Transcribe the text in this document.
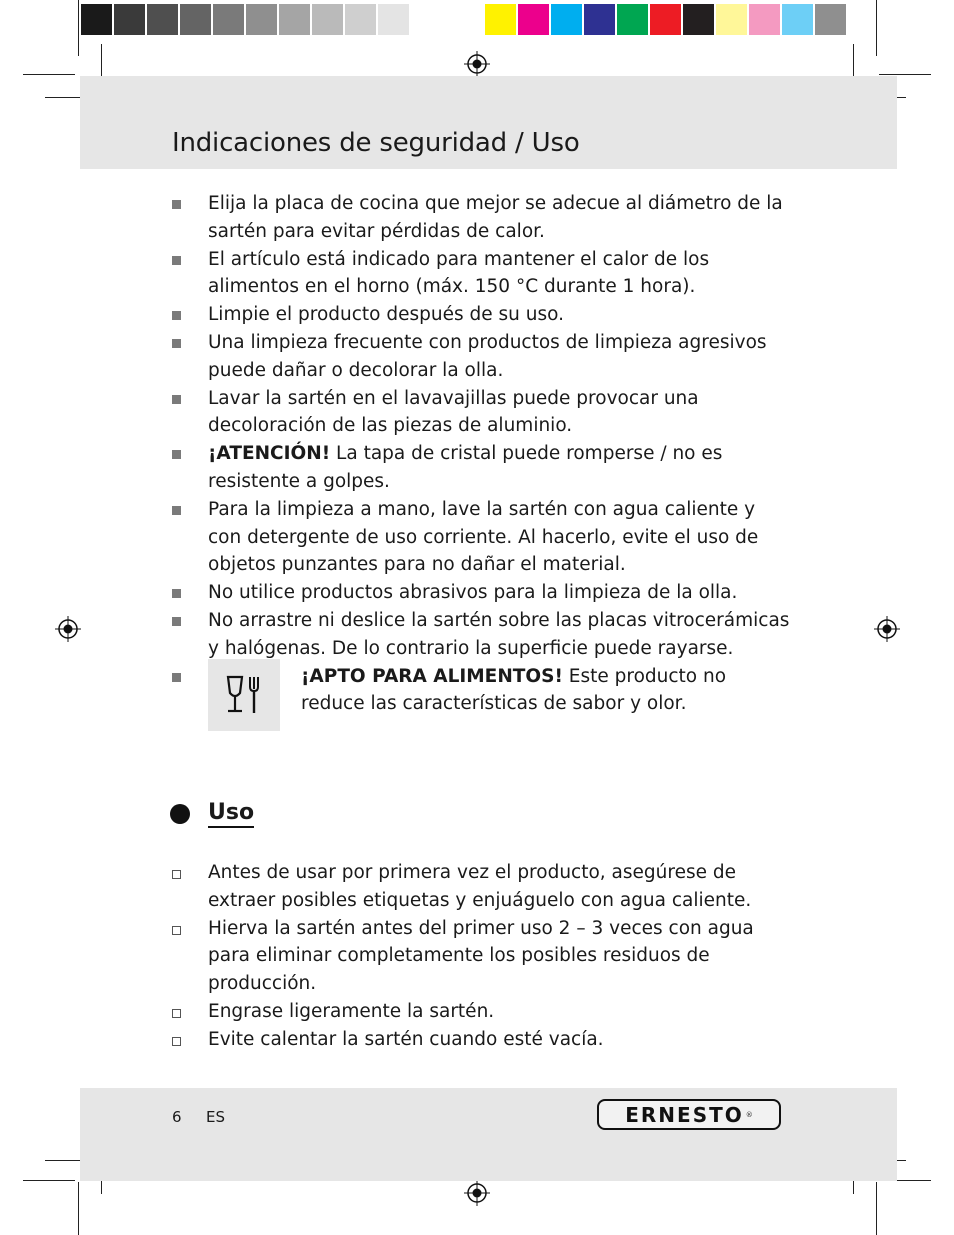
Indicaciones de seguridad / Uso
Elija la placa de cocina que mejor se adecue al diámetro de la sartén para evitar pérdidas de calor.
El artículo está indicado para mantener el calor de los alimentos en el horno (máx. 150 °C durante 1 hora).
Limpie el producto después de su uso.
Una limpieza frecuente con productos de limpieza agresivos puede dañar o decolorar la olla.
Lavar la sartén en el lavavajillas puede provocar una decoloración de las piezas de aluminio.
¡ATENCIÓN! La tapa de cristal puede romperse / no es resistente a golpes.
Para la limpieza a mano, lave la sartén con agua caliente y con detergente de uso corriente. Al hacerlo, evite el uso de objetos punzantes para no dañar el material.
No utilice productos abrasivos para la limpieza de la olla.
No arrastre ni deslice la sartén sobre las placas vitrocerámicas y halógenas. De lo contrario la superficie puede rayarse.
¡APTO PARA ALIMENTOS! Este producto no reduce las características de sabor y olor.
Uso
Antes de usar por primera vez el producto, asegúrese de extraer posibles etiquetas y enjuáguelo con agua caliente.
Hierva la sartén antes del primer uso 2 – 3 veces con agua para eliminar completamente los posibles residuos de producción.
Engrase ligeramente la sartén.
Evite calentar la sartén cuando esté vacía.
6 ES	ERNESTO ®
